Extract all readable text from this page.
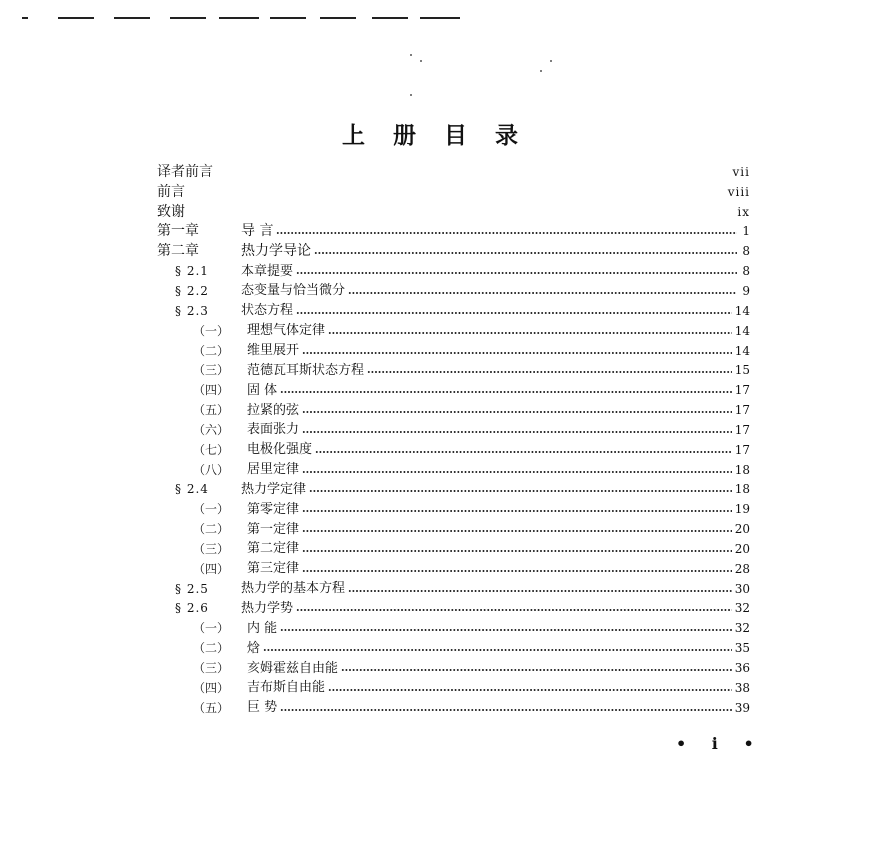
上 册 目 录
译者前言	vii
前言	viii
致谢	ix
第一章	导 言	1
第二章	热力学导论	8
§ 2.1	本章提要	8
§ 2.2	态变量与恰当微分	9
§ 2.3	状态方程	14
（一）	理想气体定律	14
（二）	维里展开	14
（三）	范德瓦耳斯状态方程	15
（四）	固 体	17
（五）	拉紧的弦	17
（六）	表面张力	17
（七）	电极化强度	17
（八）	居里定律	18
§ 2.4	热力学定律	18
（一）	第零定律	19
（二）	第一定律	20
（三）	第二定律	20
（四）	第三定律	28
§ 2.5	热力学的基本方程	30
§ 2.6	热力学势	32
（一）	内 能	32
（二）	焓	35
（三）	亥姆霍兹自由能	36
（四）	吉布斯自由能	38
（五）	巨 势	39
• i •
